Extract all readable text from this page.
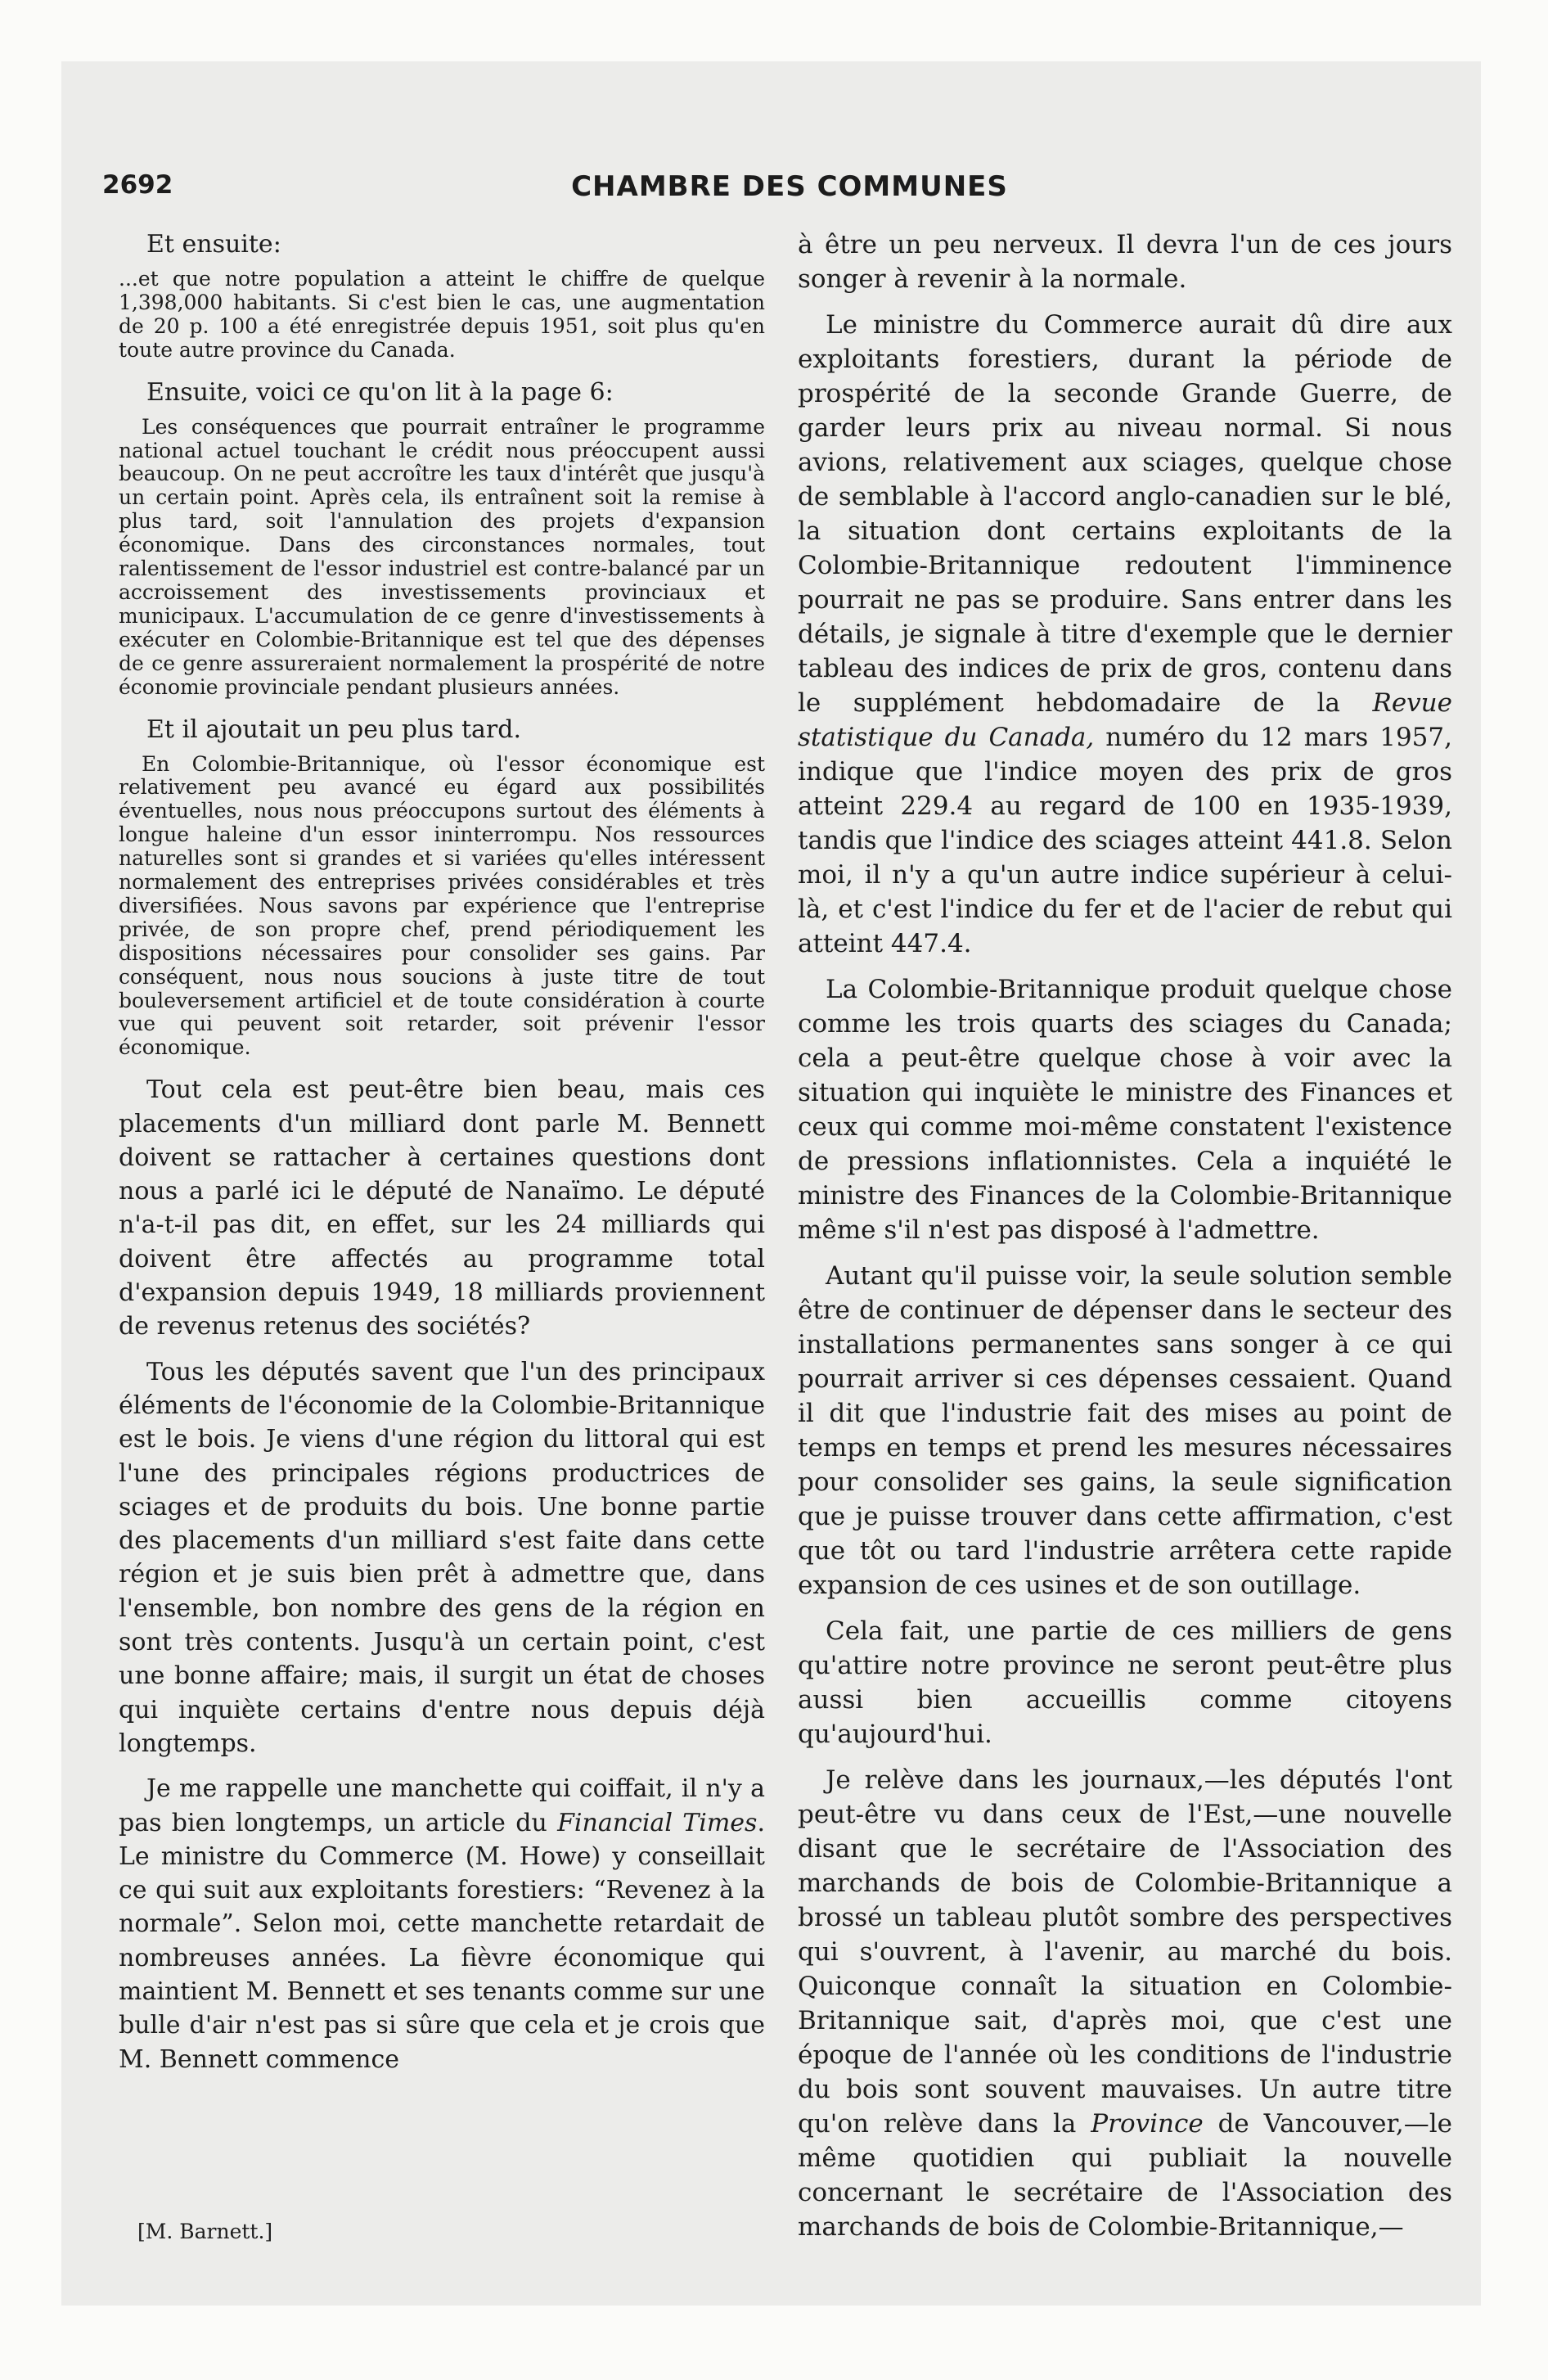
2692	CHAMBRE DES COMMUNES

Et ensuite:

...et que notre population a atteint le chiffre de quelque 1,398,000 habitants. Si c'est bien le cas, une augmentation de 20 p. 100 a été enregistrée depuis 1951, soit plus qu'en toute autre province du Canada.

Ensuite, voici ce qu'on lit à la page 6:

Les conséquences que pourrait entraîner le programme national actuel touchant le crédit nous préoccupent aussi beaucoup. On ne peut accroître les taux d'intérêt que jusqu'à un certain point. Après cela, ils entraînent soit la remise à plus tard, soit l'annulation des projets d'expansion économique. Dans des circonstances normales, tout ralentissement de l'essor industriel est contre-balancé par un accroissement des investissements provinciaux et municipaux. L'accumulation de ce genre d'investissements à exécuter en Colombie-Britannique est tel que des dépenses de ce genre assureraient normalement la prospérité de notre économie provinciale pendant plusieurs années.

Et il ajoutait un peu plus tard.

En Colombie-Britannique, où l'essor économique est relativement peu avancé eu égard aux possibilités éventuelles, nous nous préoccupons surtout des éléments à longue haleine d'un essor ininterrompu. Nos ressources naturelles sont si grandes et si variées qu'elles intéressent normalement des entreprises privées considérables et très diversifiées. Nous savons par expérience que l'entreprise privée, de son propre chef, prend périodiquement les dispositions nécessaires pour consolider ses gains. Par conséquent, nous nous soucions à juste titre de tout bouleversement artificiel et de toute considération à courte vue qui peuvent soit retarder, soit prévenir l'essor économique.

Tout cela est peut-être bien beau, mais ces placements d'un milliard dont parle M. Bennett doivent se rattacher à certaines questions dont nous a parlé ici le député de Nanaïmo. Le député n'a-t-il pas dit, en effet, sur les 24 milliards qui doivent être affectés au programme total d'expansion depuis 1949, 18 milliards proviennent de revenus retenus des sociétés?

Tous les députés savent que l'un des principaux éléments de l'économie de la Colombie-Britannique est le bois. Je viens d'une région du littoral qui est l'une des principales régions productrices de sciages et de produits du bois. Une bonne partie des placements d'un milliard s'est faite dans cette région et je suis bien prêt à admettre que, dans l'ensemble, bon nombre des gens de la région en sont très contents. Jusqu'à un certain point, c'est une bonne affaire; mais, il surgit un état de choses qui inquiète certains d'entre nous depuis déjà longtemps.

Je me rappelle une manchette qui coiffait, il n'y a pas bien longtemps, un article du Financial Times. Le ministre du Commerce (M. Howe) y conseillait ce qui suit aux exploitants forestiers: “Revenez à la normale”. Selon moi, cette manchette retardait de nombreuses années. La fièvre économique qui maintient M. Bennett et ses tenants comme sur une bulle d'air n'est pas si sûre que cela et je crois que M. Bennett commence

à être un peu nerveux. Il devra l'un de ces jours songer à revenir à la normale.

Le ministre du Commerce aurait dû dire aux exploitants forestiers, durant la période de prospérité de la seconde Grande Guerre, de garder leurs prix au niveau normal. Si nous avions, relativement aux sciages, quelque chose de semblable à l'accord anglo-canadien sur le blé, la situation dont certains exploitants de la Colombie-Britannique redoutent l'imminence pourrait ne pas se produire. Sans entrer dans les détails, je signale à titre d'exemple que le dernier tableau des indices de prix de gros, contenu dans le supplément hebdomadaire de la Revue statistique du Canada, numéro du 12 mars 1957, indique que l'indice moyen des prix de gros atteint 229.4 au regard de 100 en 1935-1939, tandis que l'indice des sciages atteint 441.8. Selon moi, il n'y a qu'un autre indice supérieur à celui-là, et c'est l'indice du fer et de l'acier de rebut qui atteint 447.4.

La Colombie-Britannique produit quelque chose comme les trois quarts des sciages du Canada; cela a peut-être quelque chose à voir avec la situation qui inquiète le ministre des Finances et ceux qui comme moi-même constatent l'existence de pressions inflationnistes. Cela a inquiété le ministre des Finances de la Colombie-Britannique même s'il n'est pas disposé à l'admettre.

Autant qu'il puisse voir, la seule solution semble être de continuer de dépenser dans le secteur des installations permanentes sans songer à ce qui pourrait arriver si ces dépenses cessaient. Quand il dit que l'industrie fait des mises au point de temps en temps et prend les mesures nécessaires pour consolider ses gains, la seule signification que je puisse trouver dans cette affirmation, c'est que tôt ou tard l'industrie arrêtera cette rapide expansion de ces usines et de son outillage.

Cela fait, une partie de ces milliers de gens qu'attire notre province ne seront peut-être plus aussi bien accueillis comme citoyens qu'aujourd'hui.

Je relève dans les journaux,—les députés l'ont peut-être vu dans ceux de l'Est,—une nouvelle disant que le secrétaire de l'Association des marchands de bois de Colombie-Britannique a brossé un tableau plutôt sombre des perspectives qui s'ouvrent, à l'avenir, au marché du bois. Quiconque connaît la situation en Colombie-Britannique sait, d'après moi, que c'est une époque de l'année où les conditions de l'industrie du bois sont souvent mauvaises. Un autre titre qu'on relève dans la Province de Vancouver,—le même quotidien qui publiait la nouvelle concernant le secrétaire de l'Association des marchands de bois de Colombie-Britannique,—

[M. Barnett.]
